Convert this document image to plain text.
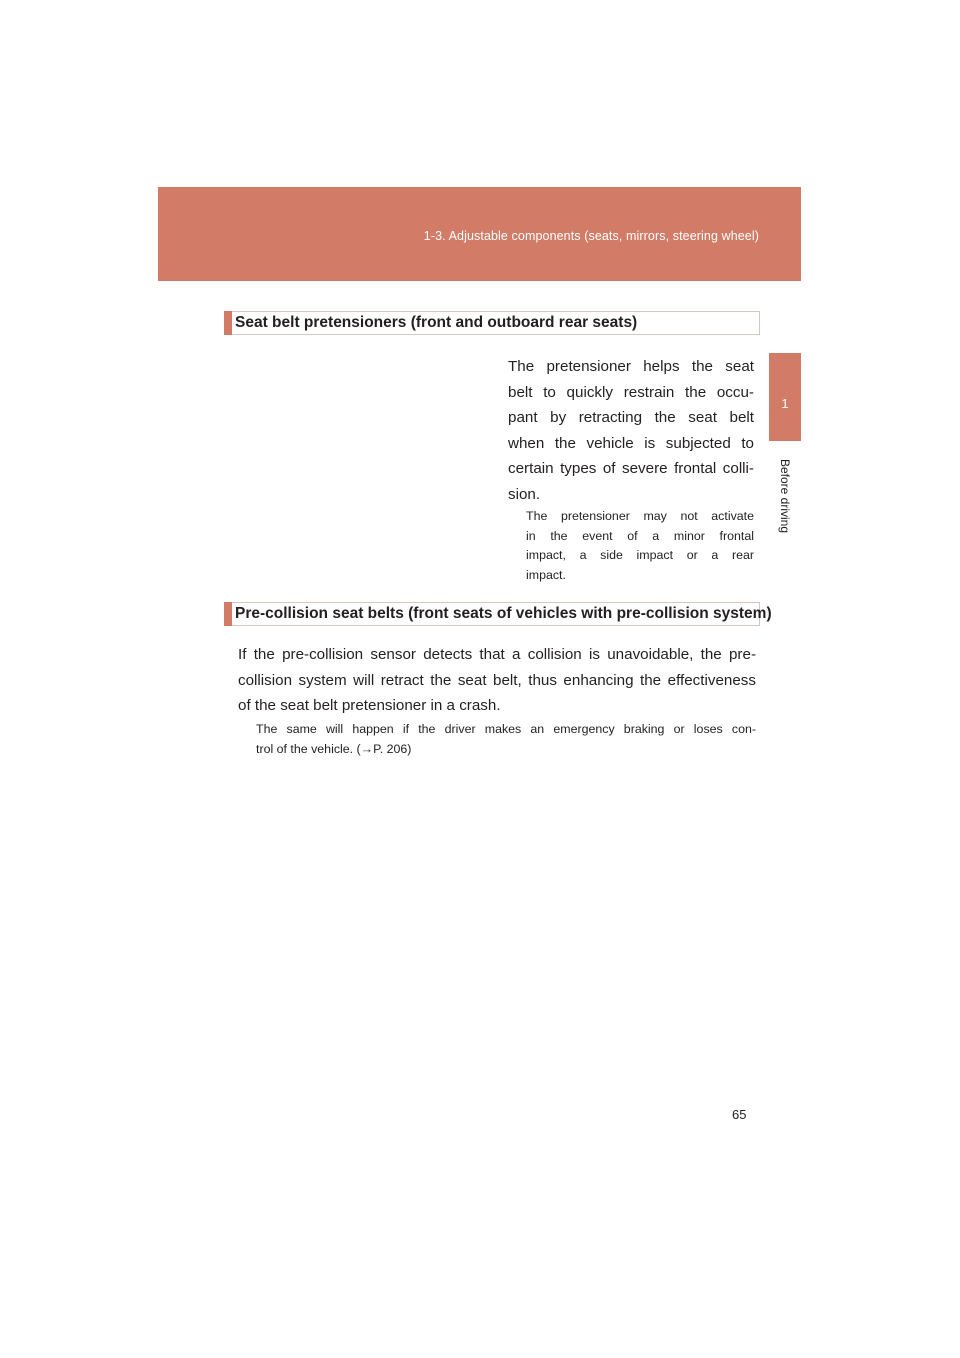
1-3. Adjustable components (seats, mirrors, steering wheel)
1
Before driving
Seat belt pretensioners (front and outboard rear seats)

The pretensioner helps the seat
belt to quickly restrain the occu-
pant by retracting the seat belt
when the vehicle is subjected to
certain types of severe frontal colli-
sion.

The pretensioner may not activate
in the event of a minor frontal
impact, a side impact or a rear
impact.

Pre-collision seat belts (front seats of vehicles with pre-collision system)

If the pre-collision sensor detects that a collision is unavoidable, the pre-
collision system will retract the seat belt, thus enhancing the effectiveness
of the seat belt pretensioner in a crash.

The same will happen if the driver makes an emergency braking or loses con-
trol of the vehicle. (→P. 206)

65
